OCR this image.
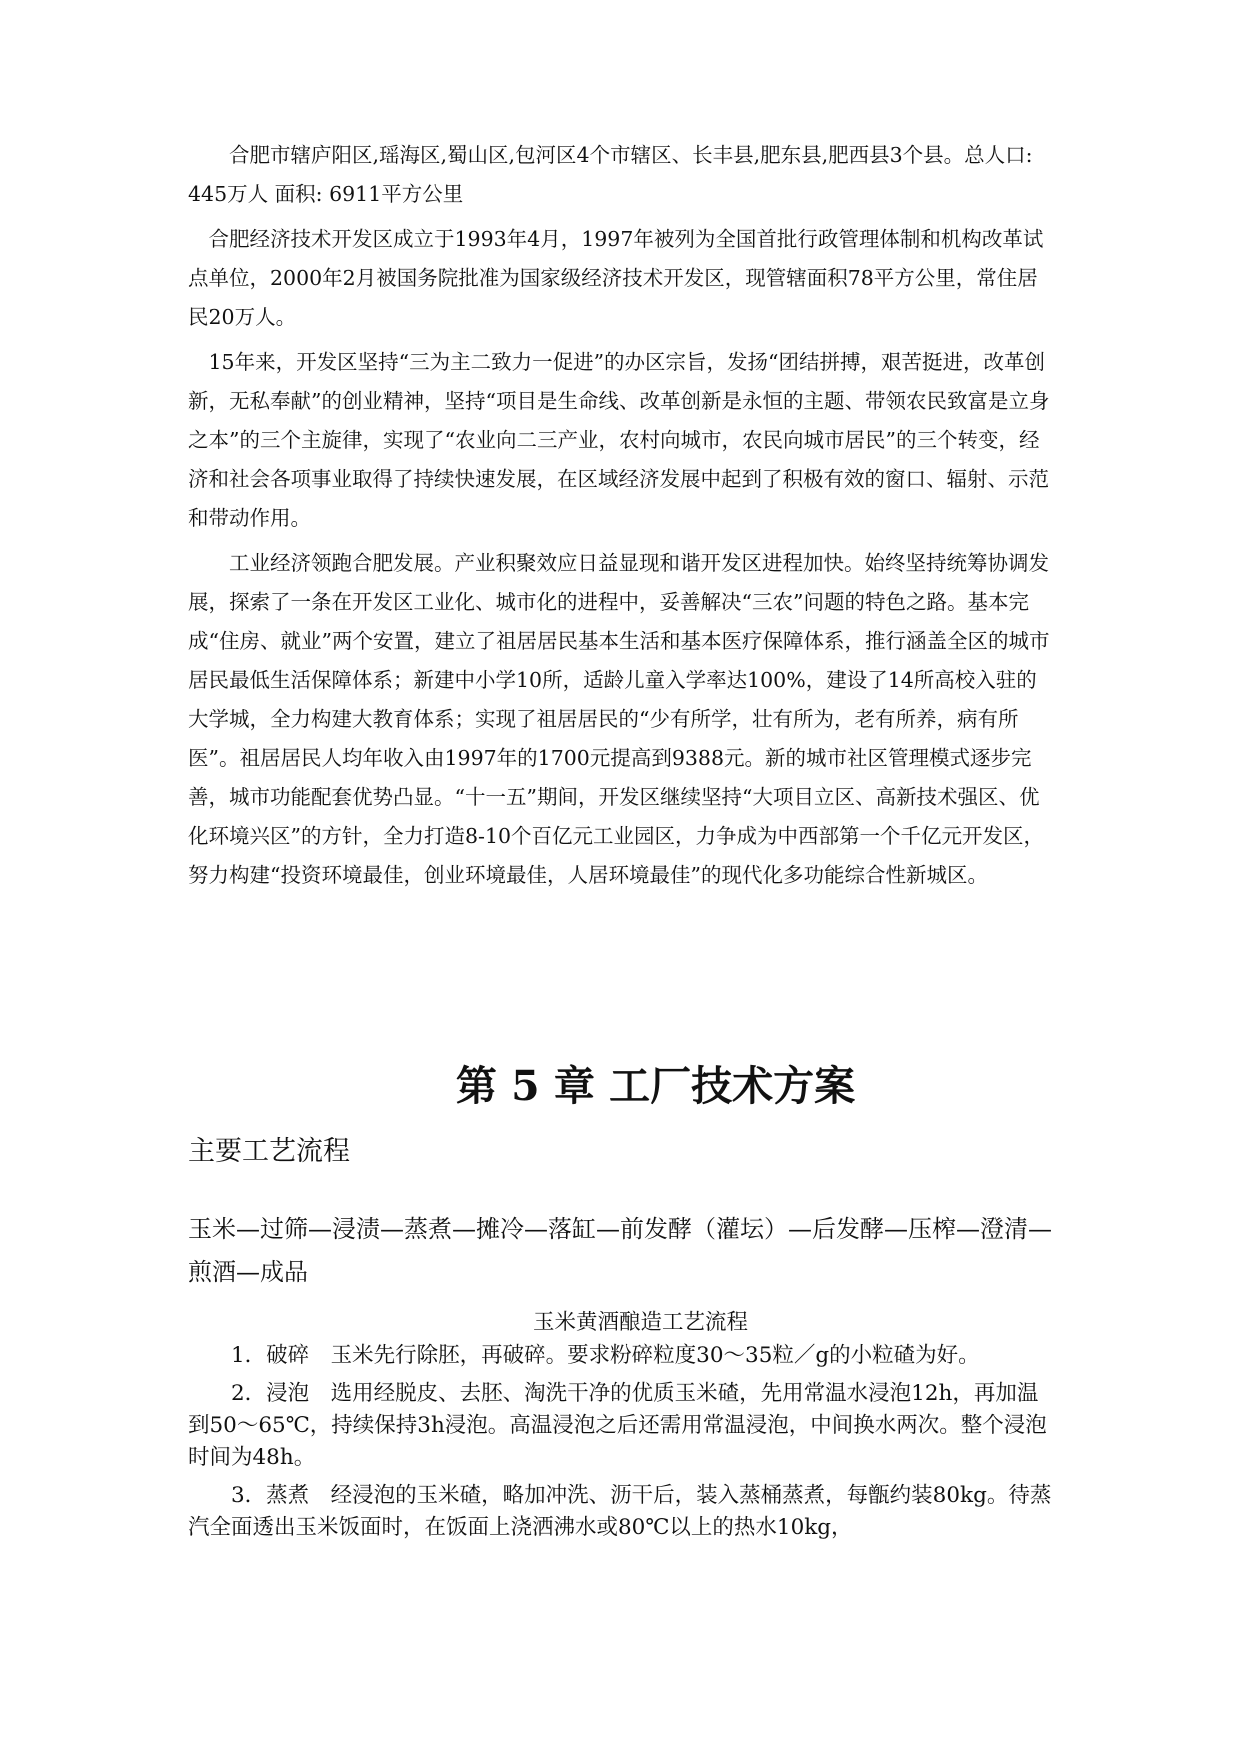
合肥市辖庐阳区,瑶海区,蜀山区,包河区4个市辖区、长丰县,肥东县,肥西县3个县。总人口: 445万人 面积: 6911平方公里

合肥经济技术开发区成立于1993年4月，1997年被列为全国首批行政管理体制和机构改革试点单位，2000年2月被国务院批准为国家级经济技术开发区，现管辖面积78平方公里，常住居民20万人。

15年来，开发区坚持“三为主二致力一促进”的办区宗旨，发扬“团结拼搏，艰苦挺进，改革创新，无私奉献”的创业精神，坚持“项目是生命线、改革创新是永恒的主题、带领农民致富是立身之本”的三个主旋律，实现了“农业向二三产业，农村向城市，农民向城市居民”的三个转变，经济和社会各项事业取得了持续快速发展，在区域经济发展中起到了积极有效的窗口、辐射、示范和带动作用。

工业经济领跑合肥发展。产业积聚效应日益显现和谐开发区进程加快。始终坚持统筹协调发展，探索了一条在开发区工业化、城市化的进程中，妥善解决“三农”问题的特色之路。基本完成“住房、就业”两个安置，建立了祖居居民基本生活和基本医疗保障体系，推行涵盖全区的城市居民最低生活保障体系；新建中小学10所，适龄儿童入学率达100%，建设了14所高校入驻的大学城，全力构建大教育体系；实现了祖居居民的“少有所学，壮有所为，老有所养，病有所医”。祖居居民人均年收入由1997年的1700元提高到9388元。新的城市社区管理模式逐步完善，城市功能配套优势凸显。“十一五”期间，开发区继续坚持“大项目立区、高新技术强区、优化环境兴区”的方针，全力打造8-10个百亿元工业园区，力争成为中西部第一个千亿元开发区，努力构建“投资环境最佳，创业环境最佳，人居环境最佳”的现代化多功能综合性新城区。

第 5 章 工厂技术方案
主要工艺流程

玉米—过筛—浸渍—蒸煮—摊冷—落缸—前发酵（灌坛）—后发酵—压榨—澄清—煎酒—成品

玉米黄酒酿造工艺流程

1．破碎　玉米先行除胚，再破碎。要求粉碎粒度30～35粒／g的小粒碴为好。

2．浸泡　选用经脱皮、去胚、淘洗干净的优质玉米碴，先用常温水浸泡12h，再加温到50～65℃，持续保持3h浸泡。高温浸泡之后还需用常温浸泡，中间换水两次。整个浸泡时间为48h。

3．蒸煮　经浸泡的玉米碴，略加冲洗、沥干后，装入蒸桶蒸煮，每甑约装80kg。待蒸汽全面透出玉米饭面时，在饭面上浇洒沸水或80℃以上的热水10kg，
